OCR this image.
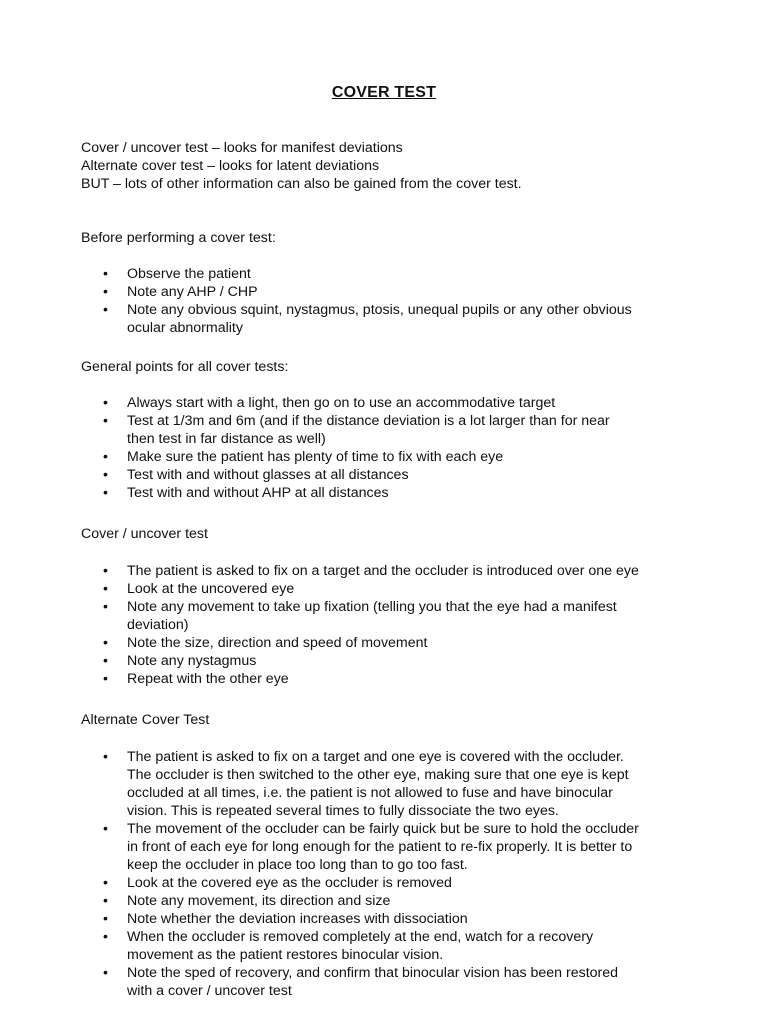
COVER TEST
Cover / uncover test – looks for manifest deviations
Alternate cover test – looks for latent deviations
BUT – lots of other information can also be gained from the cover test.
Before performing a cover test:
• Observe the patient
• Note any AHP / CHP
• Note any obvious squint, nystagmus, ptosis, unequal pupils or any other obvious
ocular abnormality
General points for all cover tests:
• Always start with a light, then go on to use an accommodative target
• Test at 1/3m and 6m (and if the distance deviation is a lot larger than for near
then test in far distance as well)
• Make sure the patient has plenty of time to fix with each eye
• Test with and without glasses at all distances
• Test with and without AHP at all distances
Cover / uncover test
• The patient is asked to fix on a target and the occluder is introduced over one eye
• Look at the uncovered eye
• Note any movement to take up fixation (telling you that the eye had a manifest
deviation)
• Note the size, direction and speed of movement
• Note any nystagmus
• Repeat with the other eye
Alternate Cover Test
• The patient is asked to fix on a target and one eye is covered with the occluder.
The occluder is then switched to the other eye, making sure that one eye is kept
occluded at all times, i.e. the patient is not allowed to fuse and have binocular
vision. This is repeated several times to fully dissociate the two eyes.
• The movement of the occluder can be fairly quick but be sure to hold the occluder
in front of each eye for long enough for the patient to re-fix properly. It is better to
keep the occluder in place too long than to go too fast.
• Look at the covered eye as the occluder is removed
• Note any movement, its direction and size
• Note whether the deviation increases with dissociation
• When the occluder is removed completely at the end, watch for a recovery
movement as the patient restores binocular vision.
• Note the sped of recovery, and confirm that binocular vision has been restored
with a cover / uncover test
